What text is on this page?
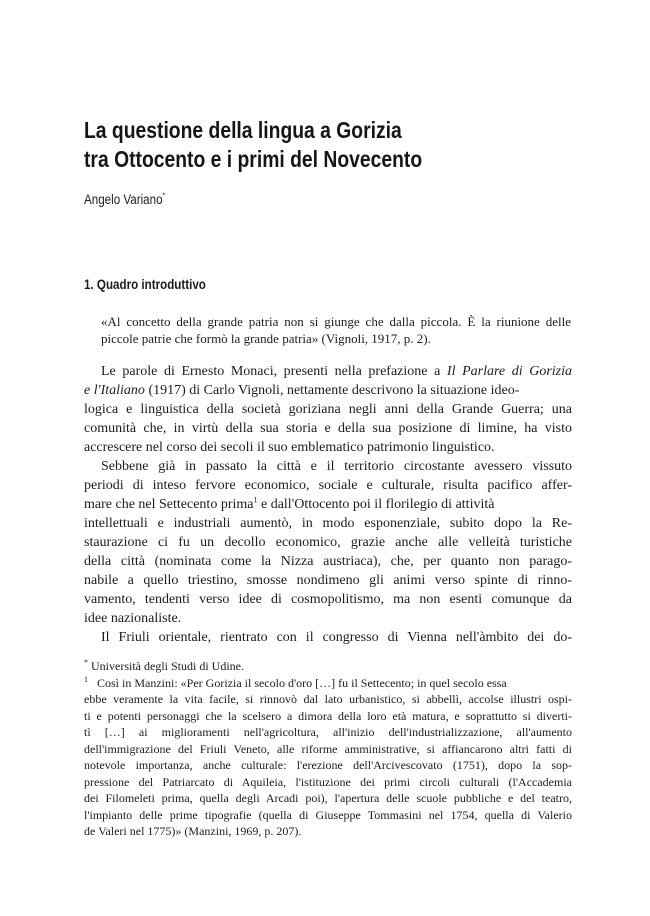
La questione della lingua a Gorizia
tra Ottocento e i primi del Novecento
Angelo Variano*
1. Quadro introduttivo
«Al concetto della grande patria non si giunge che dalla piccola. È la riunione delle
piccole patrie che formò la grande patria» (Vignoli, 1917, p. 2).
Le parole di Ernesto Monaci, presenti nella prefazione a Il Parlare di Gorizia
e l'Italiano (1917) di Carlo Vignoli, nettamente descrivono la situazione ideo-
logica e linguistica della società goriziana negli anni della Grande Guerra; una
comunità che, in virtù della sua storia e della sua posizione di limine, ha visto
accrescere nel corso dei secoli il suo emblematico patrimonio linguistico.
Sebbene già in passato la città e il territorio circostante avessero vissuto
periodi di inteso fervore economico, sociale e culturale, risulta pacifico affer-
mare che nel Settecento prima$^1$ e dall'Ottocento poi il florilegio di attività
intellettuali e industriali aumentò, in modo esponenziale, subito dopo la Re-
staurazione ci fu un decollo economico, grazie anche alle velleità turistiche
della città (nominata come la Nizza austriaca), che, per quanto non parago-
nabile a quello triestino, smosse nondimeno gli animi verso spinte di rinno-
vamento, tendenti verso idee di cosmopolitismo, ma non esenti comunque da
idee nazionaliste.
Il Friuli orientale, rientrato con il congresso di Vienna nell'àmbito dei do-
* Università degli Studi di Udine.
$^1$ Così in Manzini: «Per Gorizia il secolo d'oro […] fu il Settecento; in quel secolo essa
ebbe veramente la vita facile, si rinnovò dal lato urbanistico, si abbellì, accolse illustri ospi-
ti e potenti personaggi che la scelsero a dimora della loro età matura, e soprattutto si diverti-
tì […] ai miglioramenti nell'agricoltura, all'inizio dell'industrializzazione, all'aumento
dell'immigrazione del Friuli Veneto, alle riforme amministrative, si affiancarono altri fatti di
notevole importanza, anche culturale: l'erezione dell'Arcivescovato (1751), dopo la sop-
pressione del Patriarcato di Aquileia, l'istituzione dei primi circoli culturali (l'Accademia
dei Filomeleti prima, quella degli Arcadi poi), l'apertura delle scuole pubbliche e del teatro,
l'impianto delle prime tipografie (quella di Giuseppe Tommasini nel 1754, quella di Valerio
de Valeri nel 1775)» (Manzini, 1969, p. 207).
